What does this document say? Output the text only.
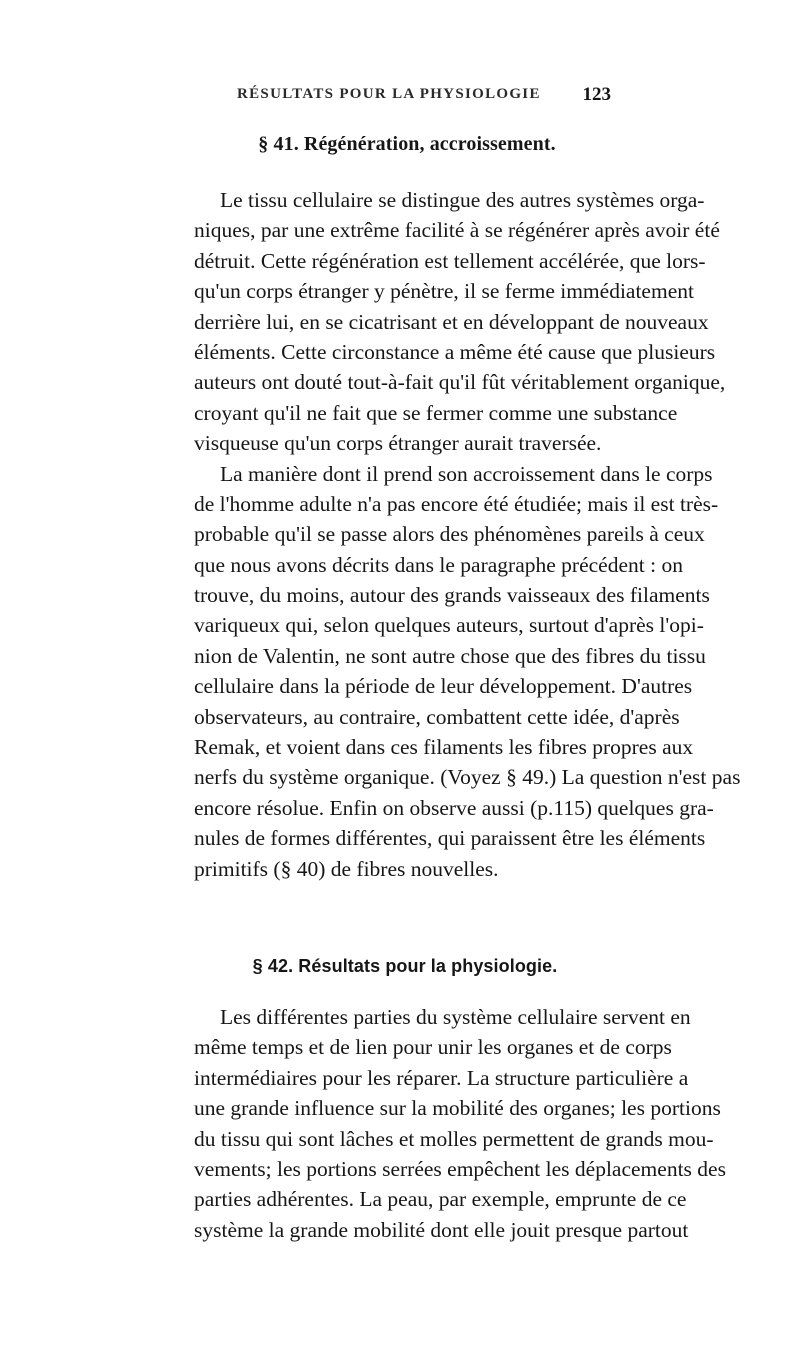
RÉSULTATS POUR LA PHYSIOLOGIE 123
§ 41. Régénération, accroissement.
Le tissu cellulaire se distingue des autres systèmes orga-
niques, par une extrême facilité à se régénérer après avoir été
détruit. Cette régénération est tellement accélérée, que lors-
qu'un corps étranger y pénètre, il se ferme immédiatement
derrière lui, en se cicatrisant et en développant de nouveaux
éléments. Cette circonstance a même été cause que plusieurs
auteurs ont douté tout-à-fait qu'il fût véritablement organique,
croyant qu'il ne fait que se fermer comme une substance
visqueuse qu'un corps étranger aurait traversée.
La manière dont il prend son accroissement dans le corps
de l'homme adulte n'a pas encore été étudiée; mais il est très-
probable qu'il se passe alors des phénomènes pareils à ceux
que nous avons décrits dans le paragraphe précédent : on
trouve, du moins, autour des grands vaisseaux des filaments
variqueux qui, selon quelques auteurs, surtout d'après l'opi-
nion de Valentin, ne sont autre chose que des fibres du tissu
cellulaire dans la période de leur développement. D'autres
observateurs, au contraire, combattent cette idée, d'après
Remak, et voient dans ces filaments les fibres propres aux
nerfs du système organique. (Voyez § 49.) La question n'est pas
encore résolue. Enfin on observe aussi (p.115) quelques gra-
nules de formes différentes, qui paraissent être les éléments
primitifs (§ 40) de fibres nouvelles.
§ 42. Résultats pour la physiologie.
Les différentes parties du système cellulaire servent en
même temps et de lien pour unir les organes et de corps
intermédiaires pour les réparer. La structure particulière a
une grande influence sur la mobilité des organes; les portions
du tissu qui sont lâches et molles permettent de grands mou-
vements; les portions serrées empêchent les déplacements des
parties adhérentes. La peau, par exemple, emprunte de ce
système la grande mobilité dont elle jouit presque partout
